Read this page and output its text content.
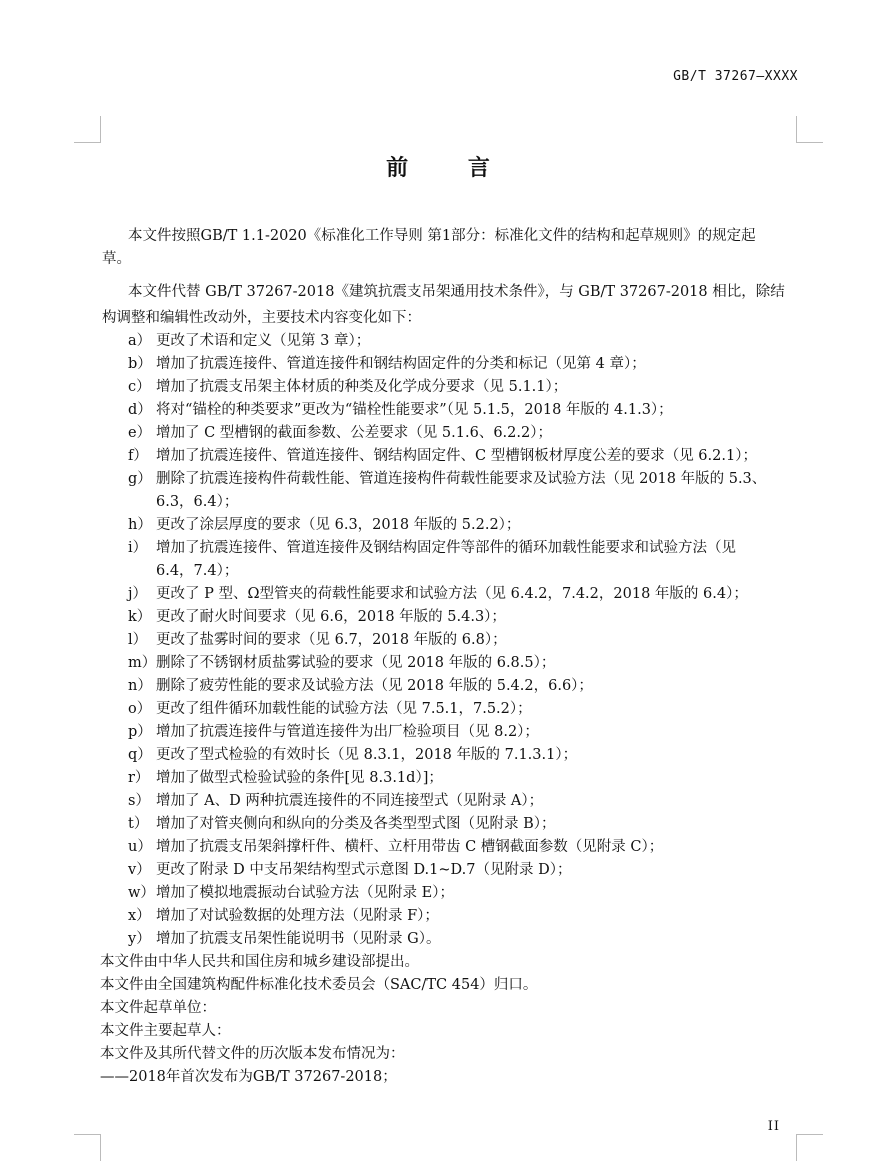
GB/T 37267—XXXX
前 言

本文件按照GB/T 1.1-2020《标准化工作导则 第1部分：标准化文件的结构和起草规则》的规定起

草。

本文件代替 GB/T 37267-2018《建筑抗震支吊架通用技术条件》，与 GB/T 37267-2018 相比，除结

构调整和编辑性改动外，主要技术内容变化如下：

a） 更改了术语和定义（见第 3 章）；
b） 增加了抗震连接件、管道连接件和钢结构固定件的分类和标记（见第 4 章）；
c） 增加了抗震支吊架主体材质的种类及化学成分要求（见 5.1.1）；
d） 将对“锚栓的种类要求”更改为“锚栓性能要求”（见 5.1.5，2018 年版的 4.1.3）；
e） 增加了 C 型槽钢的截面参数、公差要求（见 5.1.6、6.2.2）；
f） 增加了抗震连接件、管道连接件、钢结构固定件、C 型槽钢板材厚度公差的要求（见 6.2.1）；
g） 删除了抗震连接构件荷载性能、管道连接构件荷载性能要求及试验方法（见 2018 年版的 5.3、
6.3，6.4）；
h） 更改了涂层厚度的要求（见 6.3，2018 年版的 5.2.2）；
i） 增加了抗震连接件、管道连接件及钢结构固定件等部件的循环加载性能要求和试验方法（见
6.4，7.4）；
j） 更改了 P 型、Ω型管夹的荷载性能要求和试验方法（见 6.4.2，7.4.2，2018 年版的 6.4）；
k） 更改了耐火时间要求（见 6.6，2018 年版的 5.4.3）；
l） 更改了盐雾时间的要求（见 6.7，2018 年版的 6.8）；
m） 删除了不锈钢材质盐雾试验的要求（见 2018 年版的 6.8.5）；
n） 删除了疲劳性能的要求及试验方法（见 2018 年版的 5.4.2，6.6）；
o） 更改了组件循环加载性能的试验方法（见 7.5.1，7.5.2）；
p） 增加了抗震连接件与管道连接件为出厂检验项目（见 8.2）；
q） 更改了型式检验的有效时长（见 8.3.1，2018 年版的 7.1.3.1）；
r） 增加了做型式检验试验的条件[见 8.3.1d）]；
s） 增加了 A、D 两种抗震连接件的不同连接型式（见附录 A）；
t） 增加了对管夹侧向和纵向的分类及各类型型式图（见附录 B）；
u） 增加了抗震支吊架斜撑杆件、横杆、立杆用带齿 C 槽钢截面参数（见附录 C）；
v） 更改了附录 D 中支吊架结构型式示意图 D.1~D.7（见附录 D）；
w） 增加了模拟地震振动台试验方法（见附录 E）；
x） 增加了对试验数据的处理方法（见附录 F）；
y） 增加了抗震支吊架性能说明书（见附录 G）。

本文件由中华人民共和国住房和城乡建设部提出。

本文件由全国建筑构配件标准化技术委员会（SAC/TC 454）归口。

本文件起草单位：

本文件主要起草人：

本文件及其所代替文件的历次版本发布情况为：

——2018年首次发布为GB/T 37267-2018；

II
